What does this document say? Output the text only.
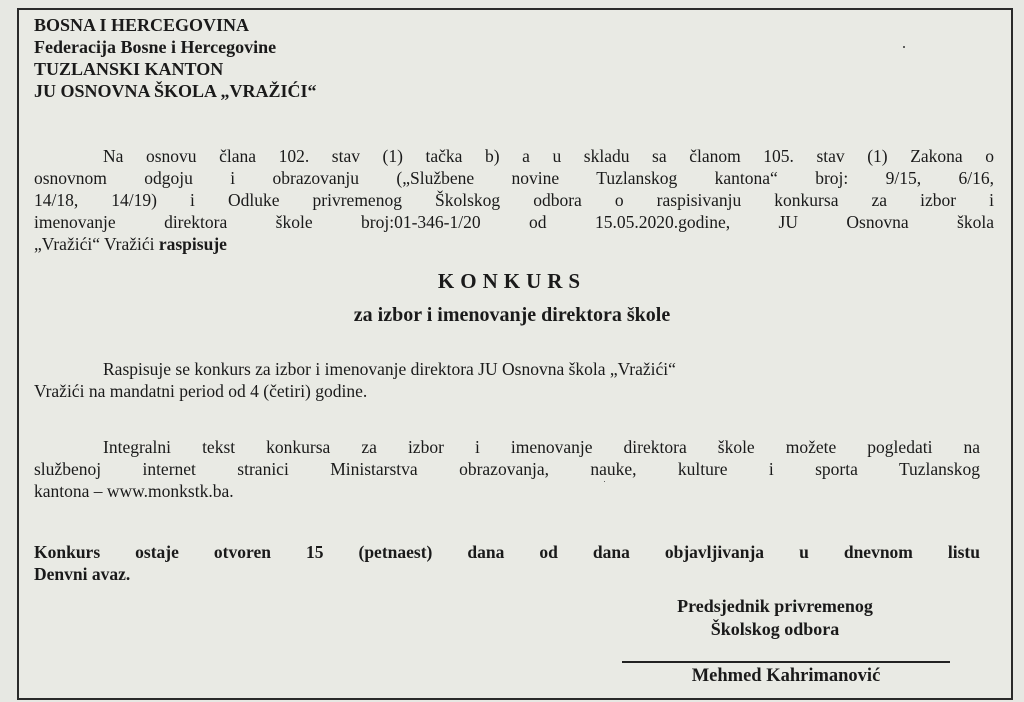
BOSNA I HERCEGOVINA
Federacija Bosne i Hercegovine
TUZLANSKI KANTON
JU OSNOVNA ŠKOLA „VRAŽIĆI“
Na osnovu člana 102. stav (1) tačka b) a u skladu sa članom 105. stav (1) Zakona o
osnovnom odgoju i obrazovanju („Službene novine Tuzlanskog kantona“ broj: 9/15, 6/16,
14/18, 14/19) i Odluke privremenog Školskog odbora o raspisivanju konkursa za izbor i
imenovanje direktora škole broj:01-346-1/20 od 15.05.2020.godine, JU Osnovna škola
„Vražići“ Vražići raspisuje
KONKURS
za izbor i imenovanje direktora škole
Raspisuje se konkurs za izbor i imenovanje direktora JU Osnovna škola „Vražići“
Vražići na mandatni period od 4 (četiri) godine.
Integralni tekst konkursa za izbor i imenovanje direktora škole možete pogledati na
službenoj internet stranici Ministarstva obrazovanja, nauke, kulture i sporta Tuzlanskog
kantona – www.monkstk.ba.
Konkurs ostaje otvoren 15 (petnaest) dana od dana objavljivanja u dnevnom listu
Denvni avaz.
Predsjednik privremenog
Školskog odbora
Mehmed Kahrimanović
